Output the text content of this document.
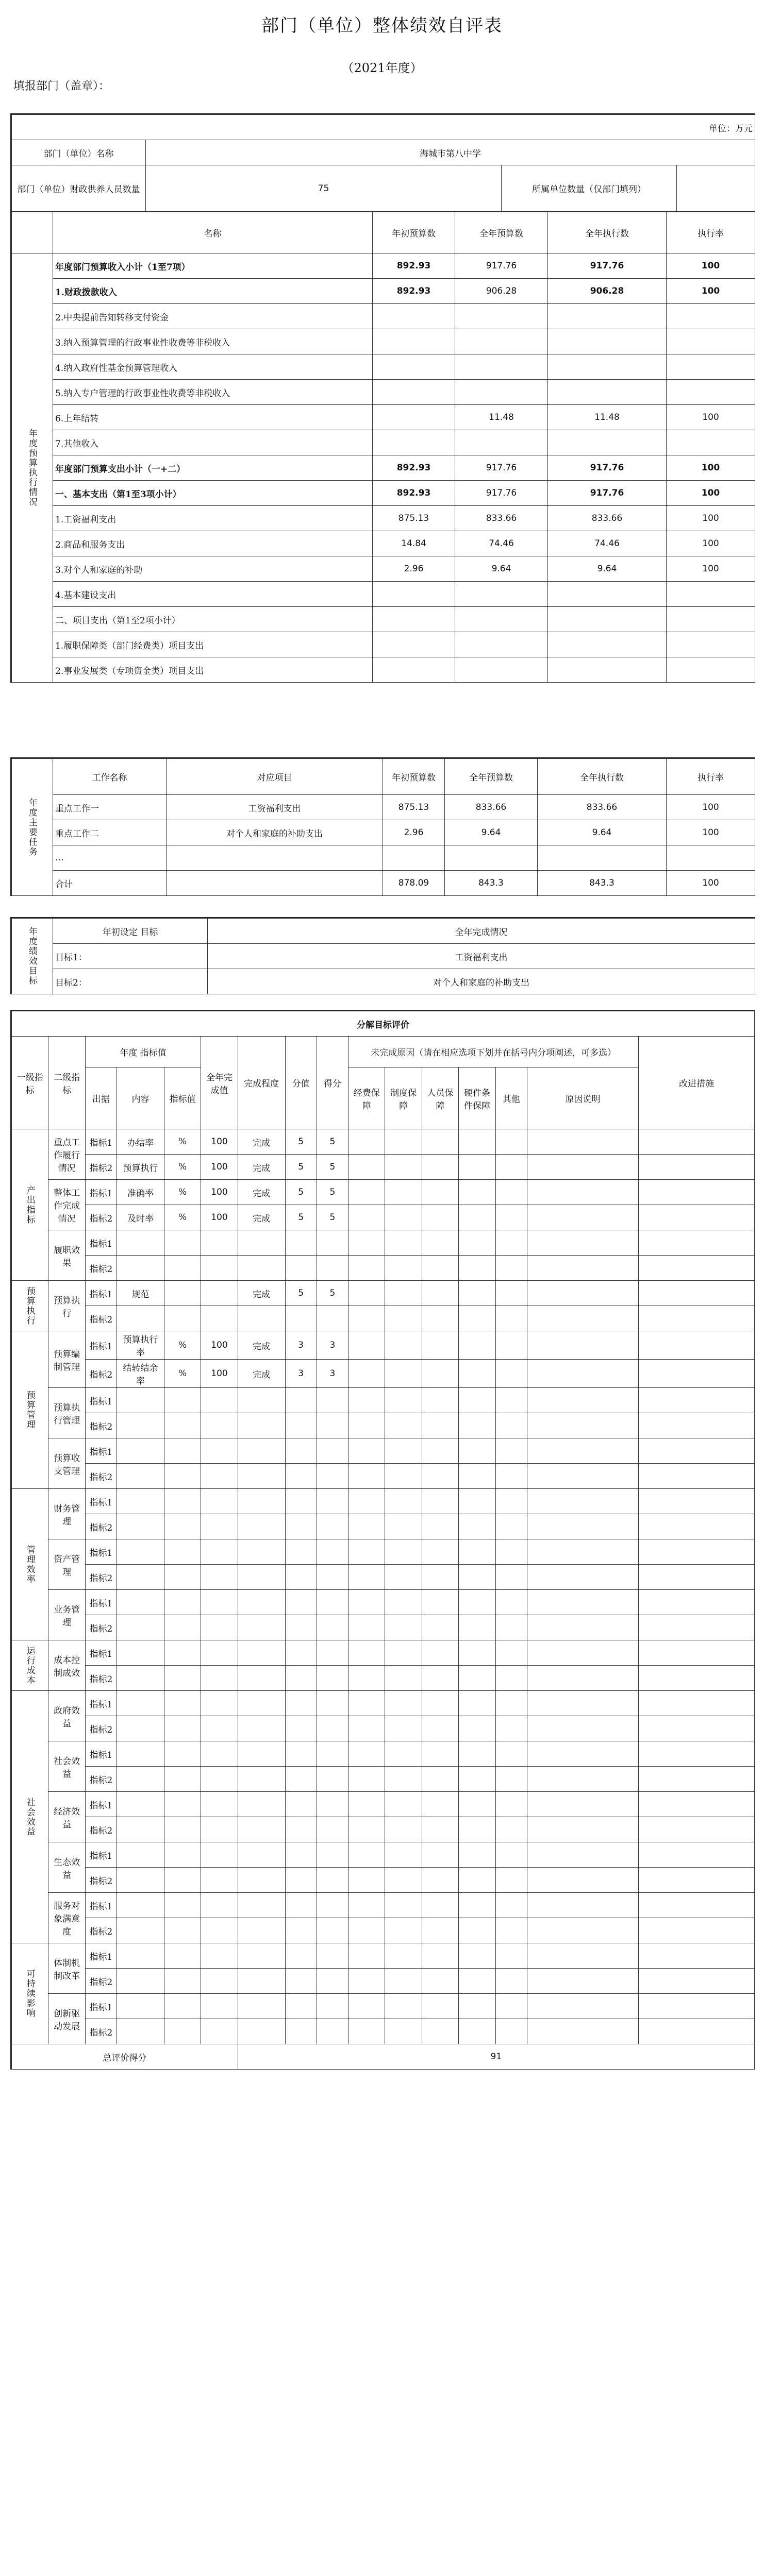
部门（单位）整体绩效自评表
（2021年度）
填报部门（盖章）：
单位：万元			
部门（单位）名称	海城市第八中学		
部门（单位）财政供养人员数量	75	所属单位数量（仅部门填列）	
	名称	年初预算数	全年预算数	全年执行数	执行率
年度预算执行情况	年度部门预算收入小计（1至7项）	892.93	917.76	917.76	100
	1.财政拨款收入	892.93	906.28	906.28	100
	2.中央提前告知转移支付资金				
	3.纳入预算管理的行政事业性收费等非税收入				
	4.纳入政府性基金预算管理收入				
	5.纳入专户管理的行政事业性收费等非税收入				
	6.上年结转		11.48	11.48	100
	7.其他收入				
	年度部门预算支出小计（一+二）	892.93	917.76	917.76	100
	一、基本支出（第1至3项小计）	892.93	917.76	917.76	100
	1.工资福利支出	875.13	833.66	833.66	100
	2.商品和服务支出	14.84	74.46	74.46	100
	3.对个人和家庭的补助	2.96	9.64	9.64	100
	4.基本建设支出				
	二、项目支出（第1至2项小计）				
	1.履职保障类（部门经费类）项目支出				
	2.事业发展类（专项资金类）项目支出				
年度主要任务	工作名称	对应项目	年初预算数	全年预算数	全年执行数	执行率
	重点工作一	工资福利支出	875.13	833.66	833.66	100
	重点工作二	对个人和家庭的补助支出	2.96	9.64	9.64	100
	…					
	合计		878.09	843.3	843.3	100
年度绩效目标	年初设定 目标	全年完成情况
	目标1：	工资福利支出
	目标2：	对个人和家庭的补助支出
分解目标评价															
一级指标	二级指标	年度 指标值			全年完成值	完成程度	分值	得分	未完成原因（请在相应选项下划并在括号内分项阐述，可多选）						改进措施
		出据	内容	指标值					经费保障	制度保障	人员保障	硬件条件保障	其他	原因说明	
产出指标	重点工作履行情况	指标1	办结率	%	100	完成	5	5							
		指标2	预算执行	%	100	完成	5	5							
	整体工作完成情况	指标1	准确率	%	100	完成	5	5							
		指标2	及时率	%	100	完成	5	5							
	履职效果	指标1													
		指标2													
预算执行	预算执行	指标1	规范			完成	5	5							
		指标2													
预算管理	预算编制管理	指标1	预算执行率	%	100	完成	3	3							
		指标2	结转结余率	%	100	完成	3	3							
	预算执行管理	指标1													
		指标2													
	预算收支管理	指标1													
		指标2													
管理效率	财务管理	指标1													
		指标2													
	资产管理	指标1													
		指标2													
	业务管理	指标1													
		指标2													
运行成本	成本控制成效	指标1													
		指标2													
社会效益	政府效益	指标1													
		指标2													
	社会效益	指标1													
		指标2													
	经济效益	指标1													
		指标2													
	生态效益	指标1													
		指标2													
	服务对象满意度	指标1													
		指标2													
可持续影响	体制机制改革	指标1													
		指标2													
	创新驱动发展	指标1													
		指标2													
总评价得分						91									
